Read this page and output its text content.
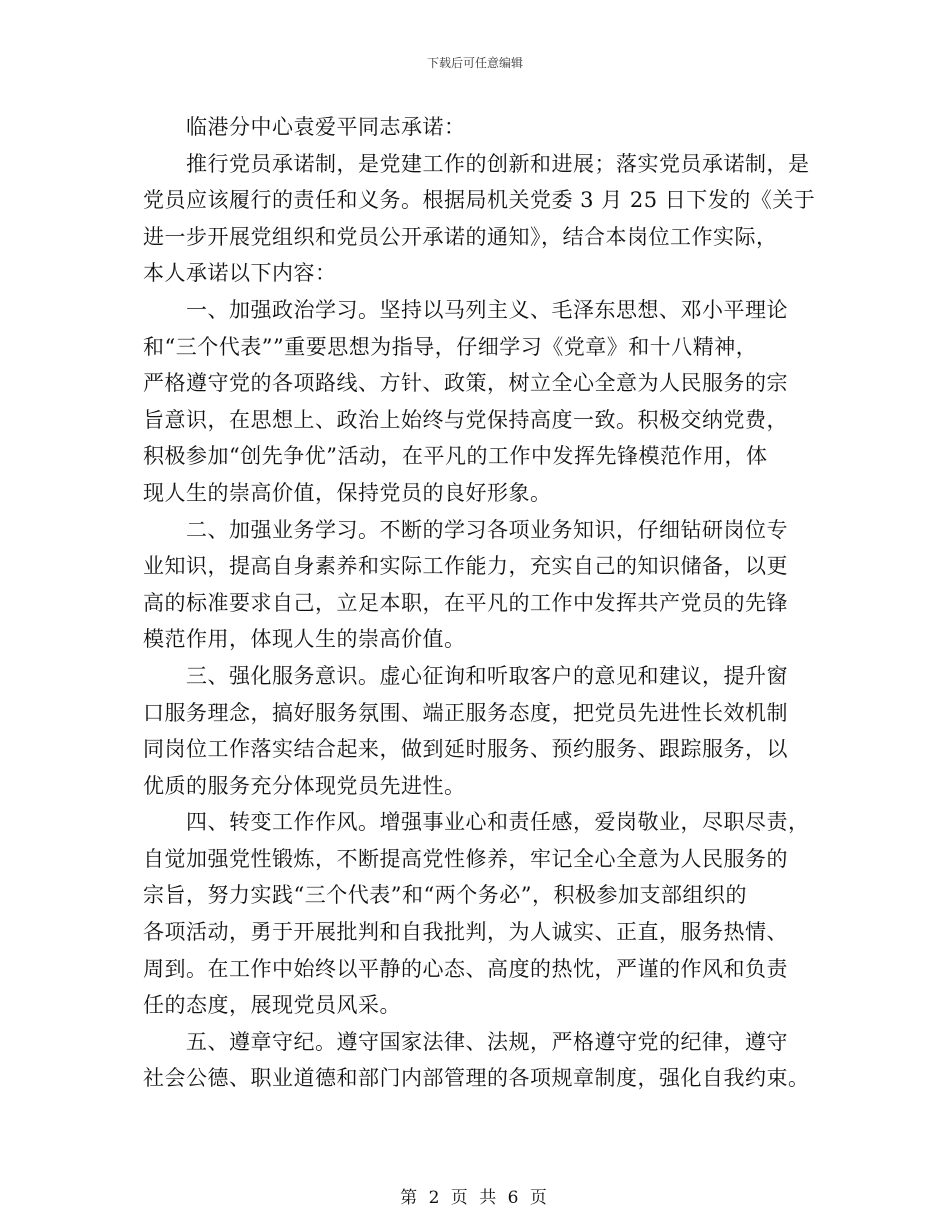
下载后可任意编辑
　　临港分中心袁爱平同志承诺：
　　推行党员承诺制，是党建工作的创新和进展；落实党员承诺制，是
党员应该履行的责任和义务。根据局机关党委 3 月 25 日下发的《关于
进一步开展党组织和党员公开承诺的通知》，结合本岗位工作实际，
本人承诺以下内容：
　　一、加强政治学习。坚持以马列主义、毛泽东思想、邓小平理论
和“三个代表””重要思想为指导，仔细学习《党章》和十八精神，
严格遵守党的各项路线、方针、政策，树立全心全意为人民服务的宗
旨意识，在思想上、政治上始终与党保持高度一致。积极交纳党费，
积极参加“创先争优”活动，在平凡的工作中发挥先锋模范作用，体
现人生的崇高价值，保持党员的良好形象。
　　二、加强业务学习。不断的学习各项业务知识，仔细钻研岗位专
业知识，提高自身素养和实际工作能力，充实自己的知识储备，以更
高的标准要求自己，立足本职，在平凡的工作中发挥共产党员的先锋
模范作用，体现人生的崇高价值。
　　三、强化服务意识。虚心征询和听取客户的意见和建议，提升窗
口服务理念，搞好服务氛围、端正服务态度，把党员先进性长效机制
同岗位工作落实结合起来，做到延时服务、预约服务、跟踪服务，以
优质的服务充分体现党员先进性。
　　四、转变工作作风。增强事业心和责任感，爱岗敬业，尽职尽责，
自觉加强党性锻炼，不断提高党性修养，牢记全心全意为人民服务的
宗旨，努力实践“三个代表”和“两个务必”，积极参加支部组织的
各项活动，勇于开展批判和自我批判，为人诚实、正直，服务热情、
周到。在工作中始终以平静的心态、高度的热忱，严谨的作风和负责
任的态度，展现党员风采。
　　五、遵章守纪。遵守国家法律、法规，严格遵守党的纪律，遵守
社会公德、职业道德和部门内部管理的各项规章制度，强化自我约束。
第 2 页 共 6 页
